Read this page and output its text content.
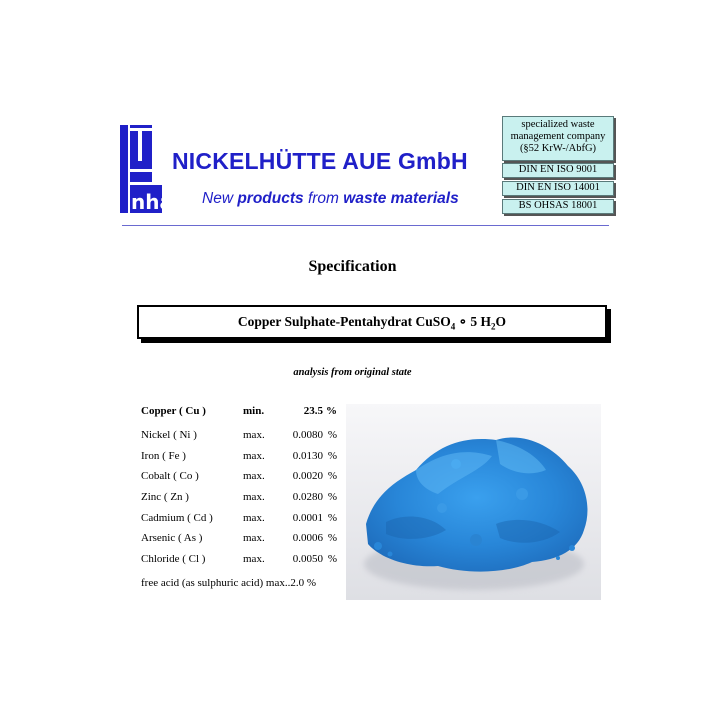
nha
NICKELHÜTTE AUE GmbH
New products from waste materials
specialized waste
management company
(§52 KrW-/AbfG)
DIN EN ISO 9001
DIN EN ISO 14001
BS OHSAS 18001
Specification
Copper Sulphate-Pentahydrat CuSO$_4$ ∘ 5 $H_2O$
analysis from original state
Copper ( Cu )	min.	23.5	%
Nickel ( Ni )	max.	0.0080	%
Iron ( Fe )	max.	0.0130	%
Cobalt ( Co )	max.	0.0020	%
Zinc ( Zn )	max.	0.0280	%
Cadmium ( Cd )	max.	0.0001	%
Arsenic ( As )	max.	0.0006	%
Chloride ( Cl )	max.	0.0050	%
free acid (as sulphuric acid) max..2.0 %
